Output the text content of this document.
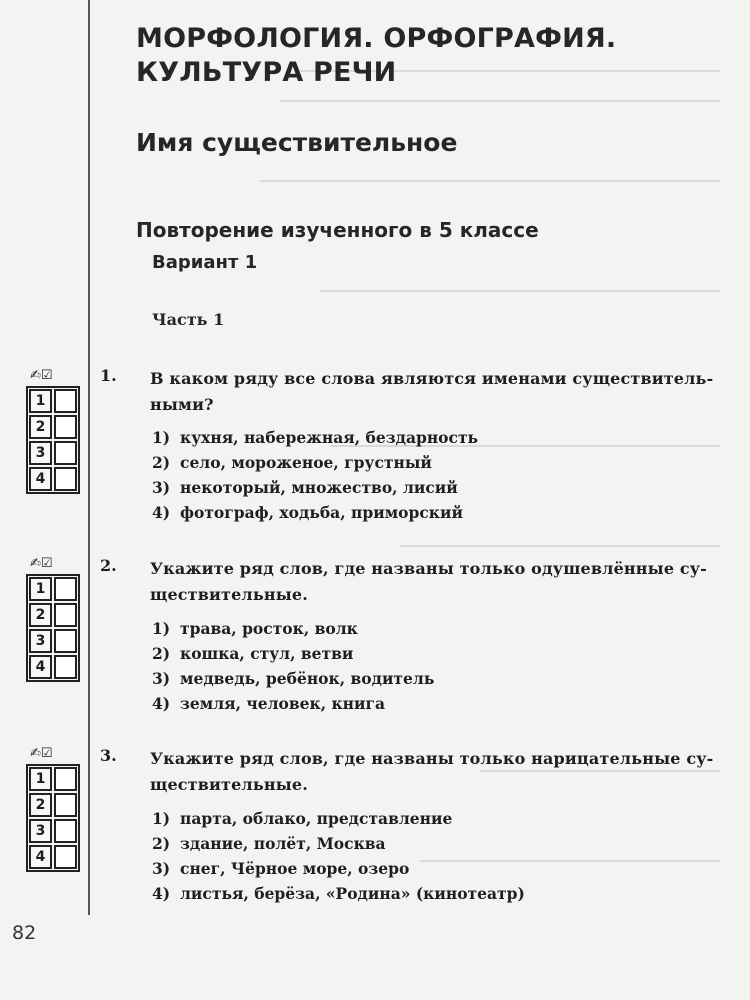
МОРФОЛОГИЯ. ОРФОГРАФИЯ. КУЛЬТУРА РЕЧИ
Имя существительное
Повторение изученного в 5 классе
Вариант 1
Часть 1
✍☑
1
2
3
4
1. В каком ряду все слова являются именами существитель-ными?
1) кухня, набережная, бездарность
2) село, мороженое, грустный
3) некоторый, множество, лисий
4) фотограф, ходьба, приморский
✍☑
1
2
3
4
2. Укажите ряд слов, где названы только одушевлённые су-ществительные.
1) трава, росток, волк
2) кошка, стул, ветви
3) медведь, ребёнок, водитель
4) земля, человек, книга
✍☑
1
2
3
4
3. Укажите ряд слов, где названы только нарицательные су-ществительные.
1) парта, облако, представление
2) здание, полёт, Москва
3) снег, Чёрное море, озеро
4) листья, берёза, «Родина» (кинотеатр)
82
